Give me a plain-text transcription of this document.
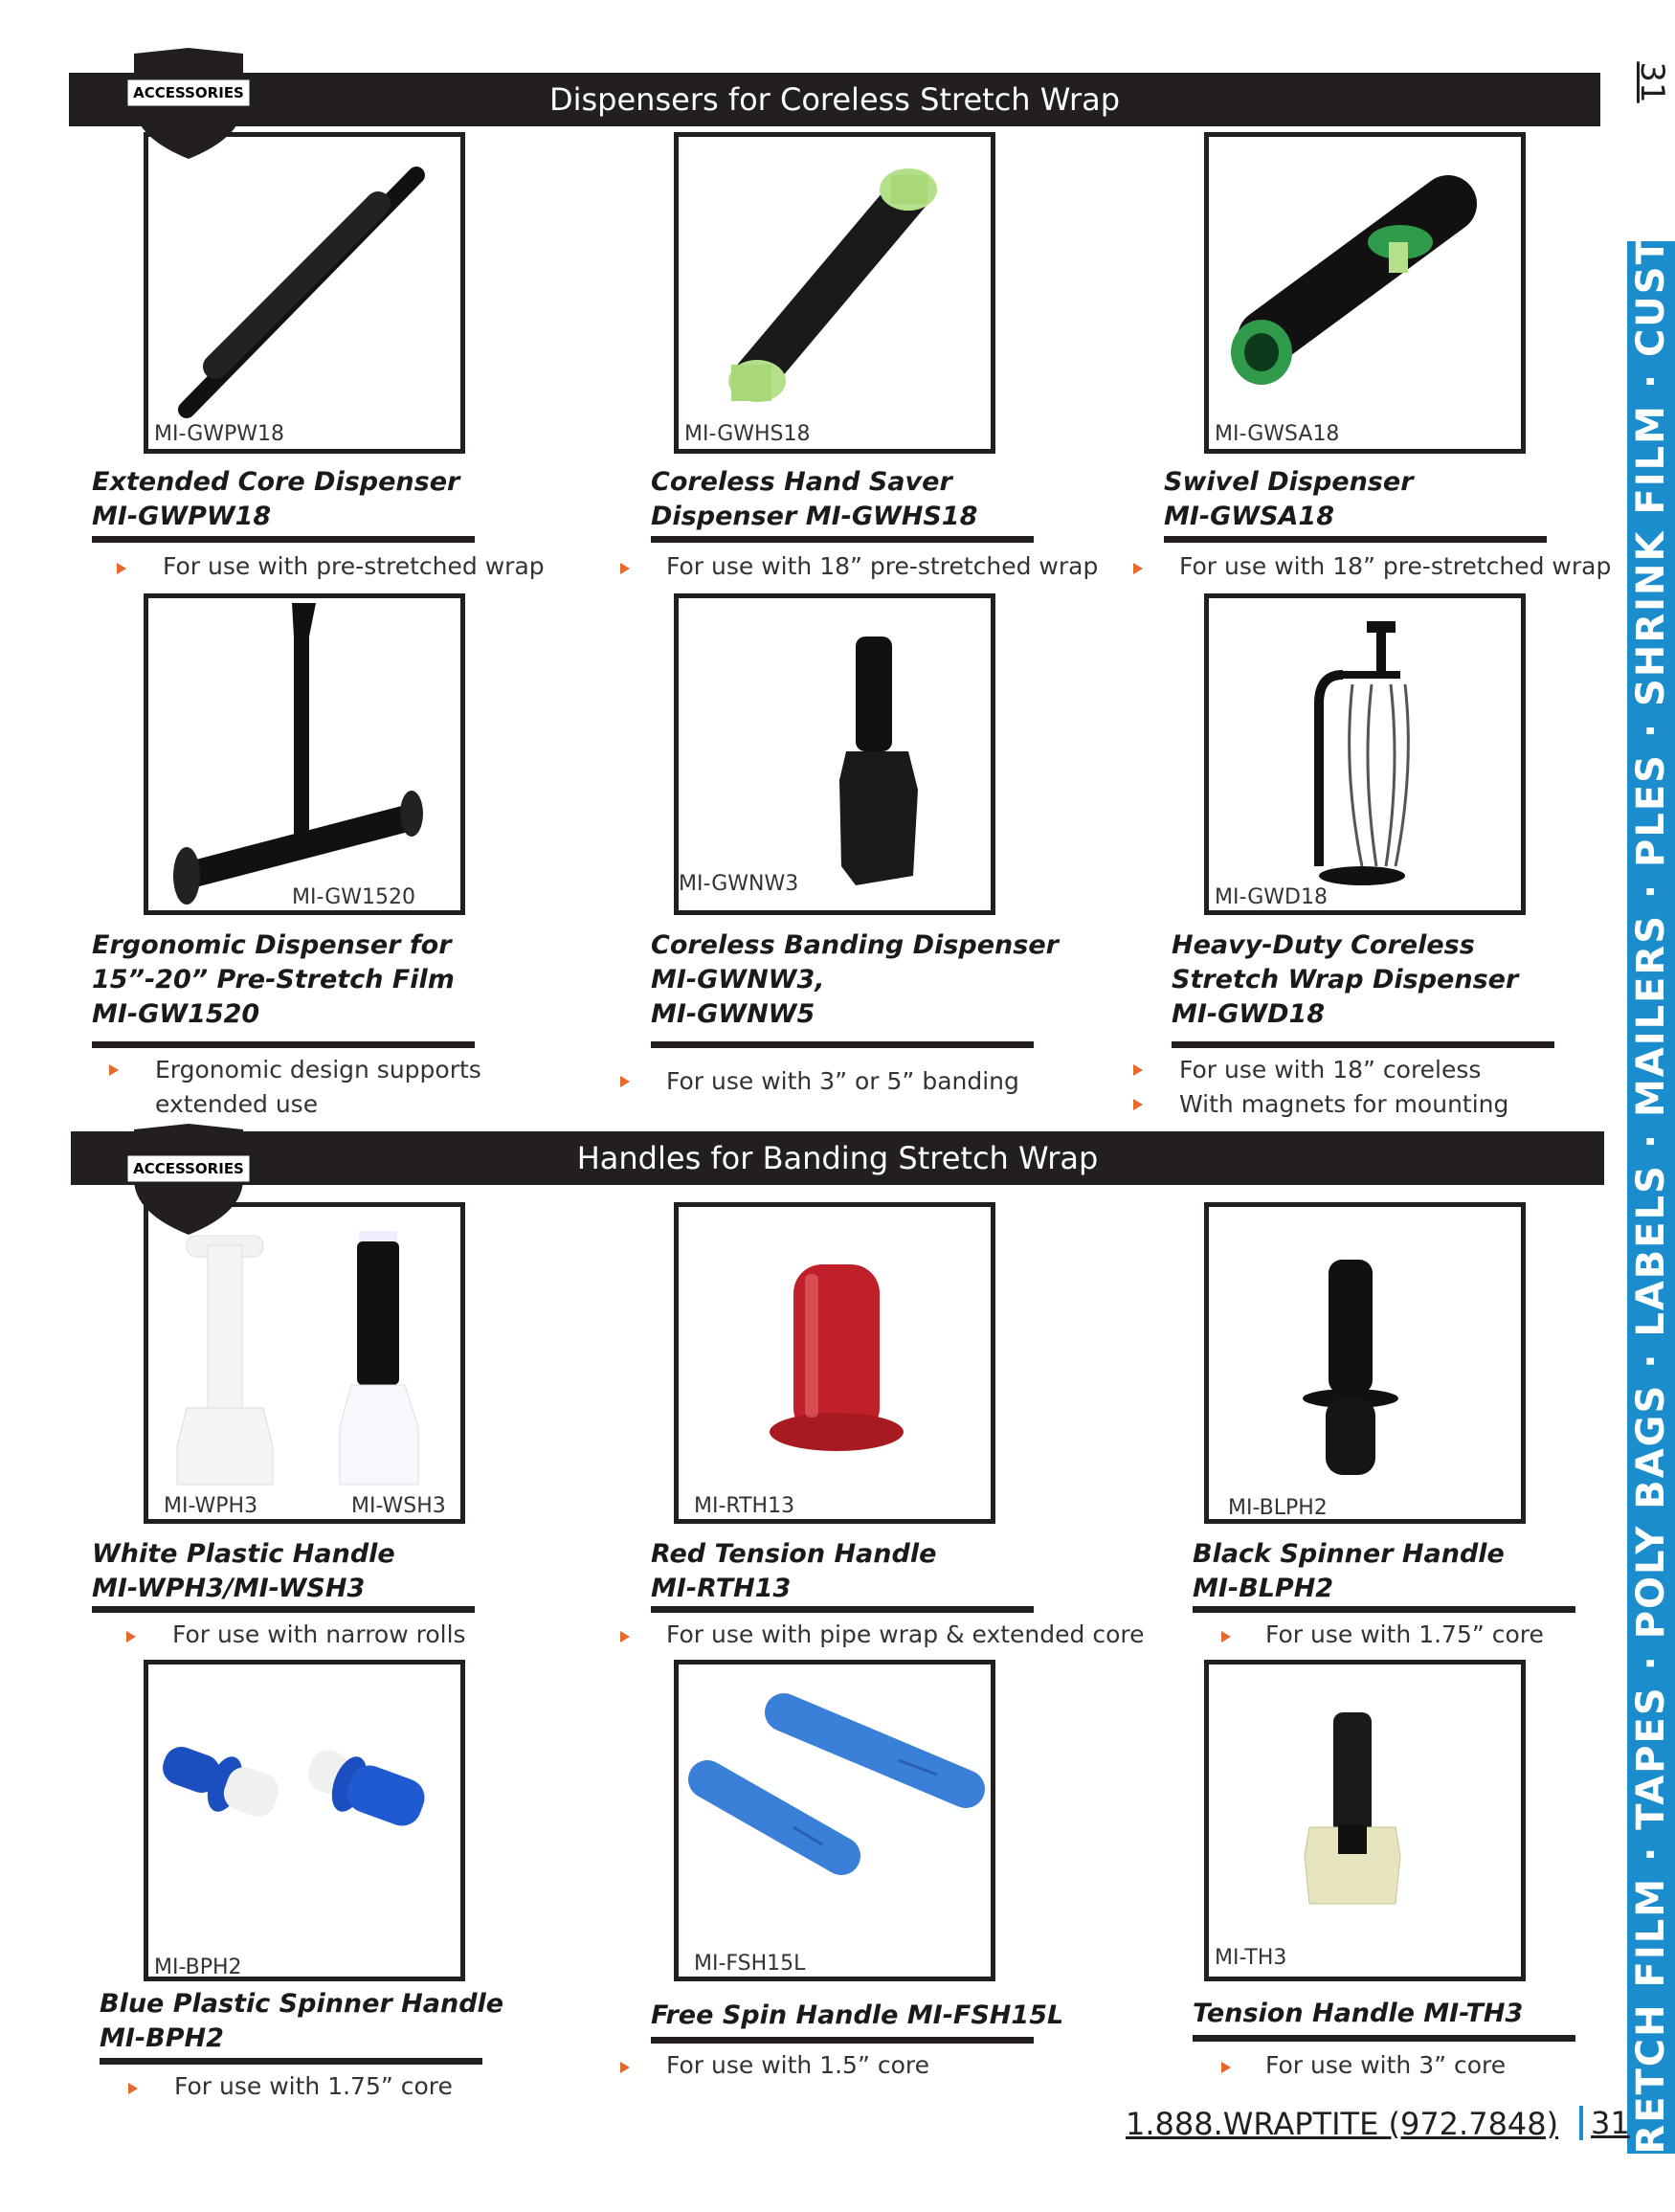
Dispensers for Coreless Stretch Wrap
ACCESSORIES
MI-GWPW18
Extended Core Dispenser
MI-GWPW18
For use with pre-stretched wrap
MI-GWHS18
Coreless Hand Saver
Dispenser MI-GWHS18
For use with 18” pre-stretched wrap
MI-GWSA18
Swivel Dispenser
MI-GWSA18
For use with 18” pre-stretched wrap
MI-GW1520
Ergonomic Dispenser for
15”-20” Pre-Stretch Film
MI-GW1520
Ergonomic design supports extended use
MI-GWNW3
Coreless Banding Dispenser
MI-GWNW3,
MI-GWNW5
For use with 3” or 5” banding
MI-GWD18
Heavy-Duty Coreless
Stretch Wrap Dispenser
MI-GWD18
For use with 18” coreless
With magnets for mounting
Handles for Banding Stretch Wrap
ACCESSORIES
MI-WPH3	MI-WSH3
White Plastic Handle
MI-WPH3/MI-WSH3
For use with narrow rolls
MI-RTH13
Red Tension Handle
MI-RTH13
For use with pipe wrap & extended core
MI-BLPH2
Black Spinner Handle
MI-BLPH2
For use with 1.75” core
MI-BPH2
Blue Plastic Spinner Handle
MI-BPH2
For use with 1.75” core
MI-FSH15L
Free Spin Handle MI-FSH15L
For use with 1.5” core
MI-TH3
Tension Handle MI-TH3
For use with 3” core	STRETCH FILM · TAPES · POLY BAGS · LABELS · MAILERS · PLES · SHRINK FILM · CUSTOM
31
1.888.WRAPTITE (972.7848)	31
